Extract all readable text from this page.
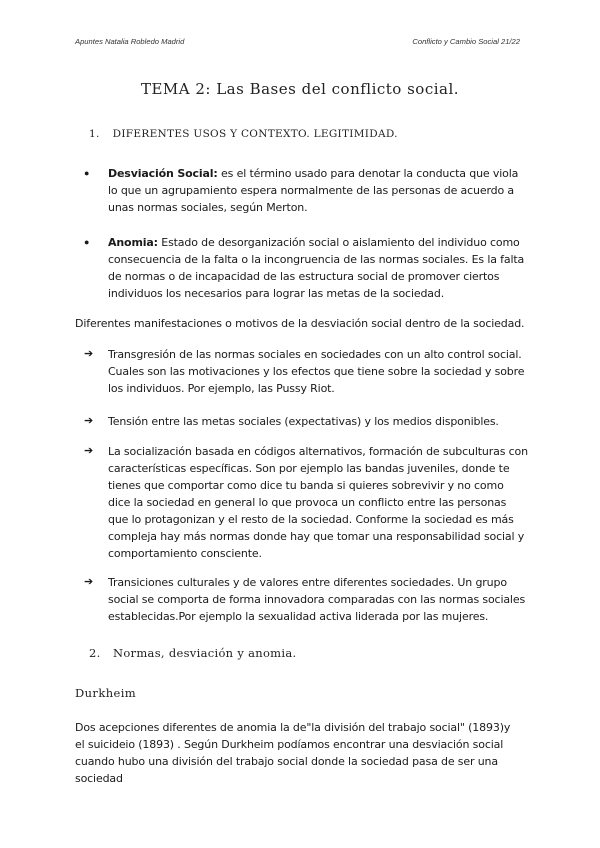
Apuntes Natalia Robledo Madrid	Conflicto y Cambio Social 21/22
TEMA 2: Las Bases del conflicto social.
1. DIFERENTES USOS Y CONTEXTO. LEGITIMIDAD.
● Desviación Social: es el término usado para denotar la conducta que viola lo que un agrupamiento espera normalmente de las personas de acuerdo a unas normas sociales, según Merton.

● Anomia: Estado de desorganización social o aislamiento del individuo como consecuencia de la falta o la incongruencia de las normas sociales. Es la falta de normas o de incapacidad de las estructura social de promover ciertos individuos los necesarios para lograr las metas de la sociedad.

Diferentes manifestaciones o motivos de la desviación social dentro de la sociedad.

➔ Transgresión de las normas sociales en sociedades con un alto control social. Cuales son las motivaciones y los efectos que tiene sobre la sociedad y sobre los individuos. Por ejemplo, las Pussy Riot.

➔ Tensión entre las metas sociales (expectativas) y los medios disponibles.

➔ La socialización basada en códigos alternativos, formación de subculturas con características específicas. Son por ejemplo las bandas juveniles, donde te tienes que comportar como dice tu banda si quieres sobrevivir y no como dice la sociedad en general lo que provoca un conflicto entre las personas que lo protagonizan y el resto de la sociedad. Conforme la sociedad es más compleja hay más normas donde hay que tomar una responsabilidad social y comportamiento consciente.

➔ Transiciones culturales y de valores entre diferentes sociedades. Un grupo social se comporta de forma innovadora comparadas con las normas sociales establecidas.Por ejemplo la sexualidad activa liderada por las mujeres.

2. Normas, desviación y anomia.
Durkheim

Dos acepciones diferentes de anomia la de"la división del trabajo social" (1893)y el suicideio (1893) . Según Durkheim podíamos encontrar una desviación social cuando hubo una división del trabajo social donde la sociedad pasa de ser una sociedad
